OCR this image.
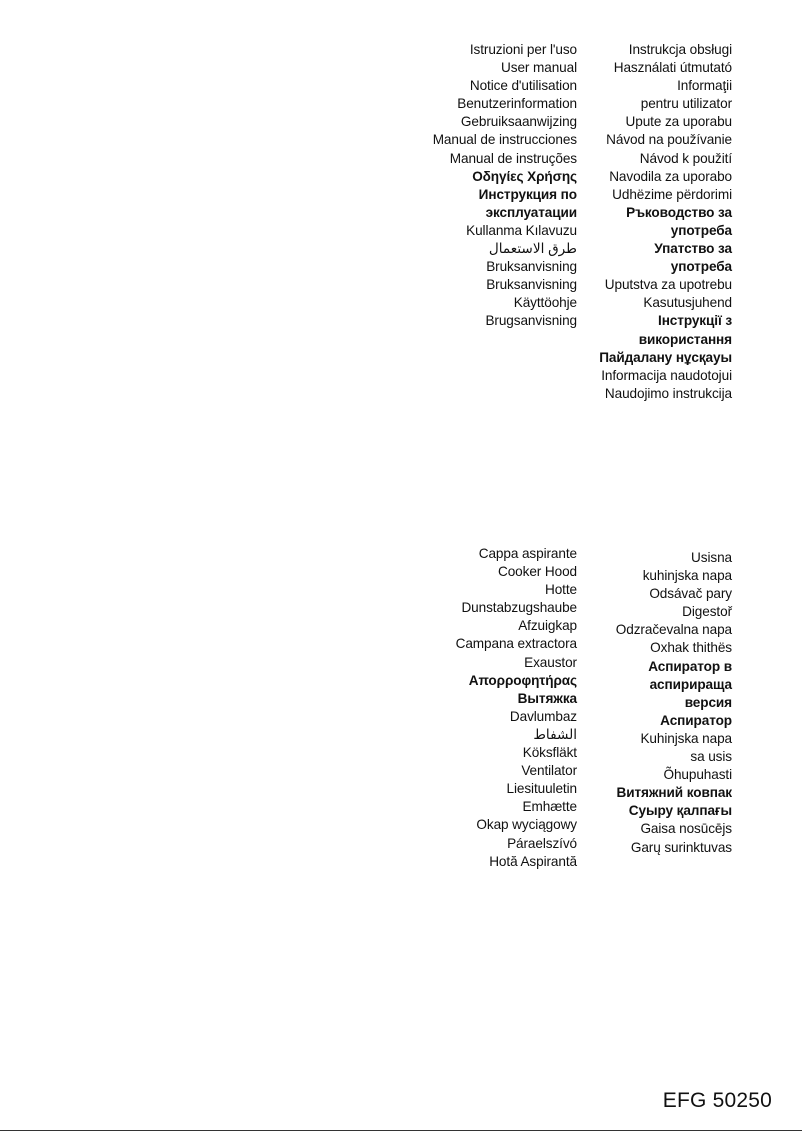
Istruzioni per l'uso
User manual
Notice d'utilisation
Benutzerinformation
Gebruiksaanwijzing
Manual de instrucciones
Manual de instruções
Οδηγίες Χρήσης
Инструкция по
эксплуатации
Kullanma Kılavuzu
طرق الاستعمال
Bruksanvisning
Bruksanvisning
Käyttöohje
Brugsanvisning
Instrukcja obsługi
Használati útmutató
Informaţii
pentru utilizator
Upute za uporabu
Návod na používanie
Návod k použití
Navodila za uporabo
Udhëzime përdorimi
Ръководство за
употреба
Упатство за
употреба
Uputstva za upotrebu
Kasutusjuhend
Інструкції з
використання
Пайдалану нұсқауы
Informacija naudotojui
Naudojimo instrukcija
Cappa aspirante
Cooker Hood
Hotte
Dunstabzugshaube
Afzuigkap
Campana extractora
Exaustor
Απορροφητήρας
Вытяжка
Davlumbaz
الشفاط
Köksfläkt
Ventilator
Liesituuletin
Emhætte
Okap wyciągowy
Páraelszívó
Hotă Aspirantă
Usisna
kuhinjska napa
Odsávač pary
Digestoř
Odzračevalna napa
Oxhak thithës
Аспиратор в
аспирираща
версия
Аспиратор
Kuhinjska napa
sa usis
Õhupuhasti
Витяжний ковпак
Суыру қалпағы
Gaisa nosūcējs
Garų surinktuvas
EFG 50250
